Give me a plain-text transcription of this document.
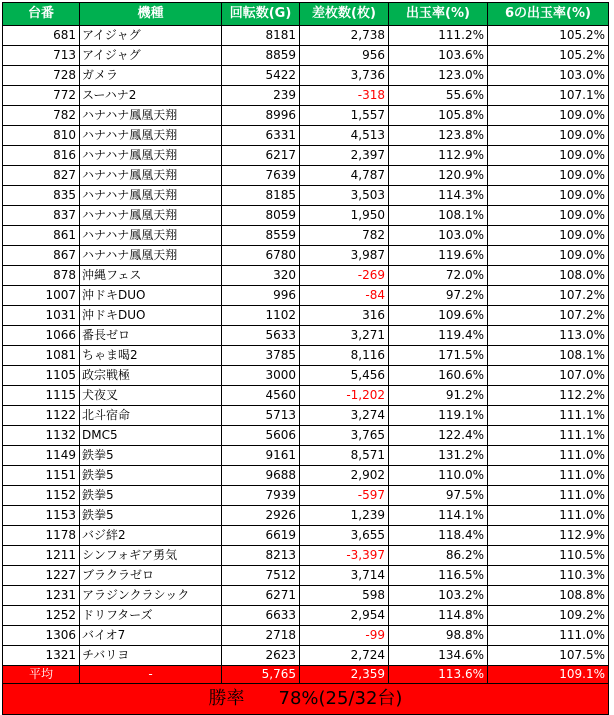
台番	機種	回転数(G)	差枚数(枚)	出玉率(%)	6の出玉率(%)
681	アイジャグ	8181	2,738	111.2%	105.2%
713	アイジャグ	8859	956	103.6%	105.2%
728	ガメラ	5422	3,736	123.0%	103.0%
772	スーハナ2	239	-318	55.6%	107.1%
782	ハナハナ鳳凰天翔	8996	1,557	105.8%	109.0%
810	ハナハナ鳳凰天翔	6331	4,513	123.8%	109.0%
816	ハナハナ鳳凰天翔	6217	2,397	112.9%	109.0%
827	ハナハナ鳳凰天翔	7639	4,787	120.9%	109.0%
835	ハナハナ鳳凰天翔	8185	3,503	114.3%	109.0%
837	ハナハナ鳳凰天翔	8059	1,950	108.1%	109.0%
861	ハナハナ鳳凰天翔	8559	782	103.0%	109.0%
867	ハナハナ鳳凰天翔	6780	3,987	119.6%	109.0%
878	沖縄フェス	320	-269	72.0%	108.0%
1007	沖ドキDUO	996	-84	97.2%	107.2%
1031	沖ドキDUO	1102	316	109.6%	107.2%
1066	番長ゼロ	5633	3,271	119.4%	113.0%
1081	ちゃま喝2	3785	8,116	171.5%	108.1%
1105	政宗戦極	3000	5,456	160.6%	107.0%
1115	犬夜叉	4560	-1,202	91.2%	112.2%
1122	北斗宿命	5713	3,274	119.1%	111.1%
1132	DMC5	5606	3,765	122.4%	111.1%
1149	鉄拳5	9161	8,571	131.2%	111.0%
1151	鉄拳5	9688	2,902	110.0%	111.0%
1152	鉄拳5	7939	-597	97.5%	111.0%
1153	鉄拳5	2926	1,239	114.1%	111.0%
1178	バジ絆2	6619	3,655	118.4%	112.9%
1211	シンフォギア勇気	8213	-3,397	86.2%	110.5%
1227	ブラクラゼロ	7512	3,714	116.5%	110.3%
1231	アラジンクラシック	6271	598	103.2%	108.8%
1252	ドリフターズ	6633	2,954	114.8%	109.2%
1306	バイオ7	2718	-99	98.8%	111.0%
1321	チバリヨ	2623	2,724	134.6%	107.5%
平均	-	5,765	2,359	113.6%	109.1%
勝率 78%(25/32台)					
